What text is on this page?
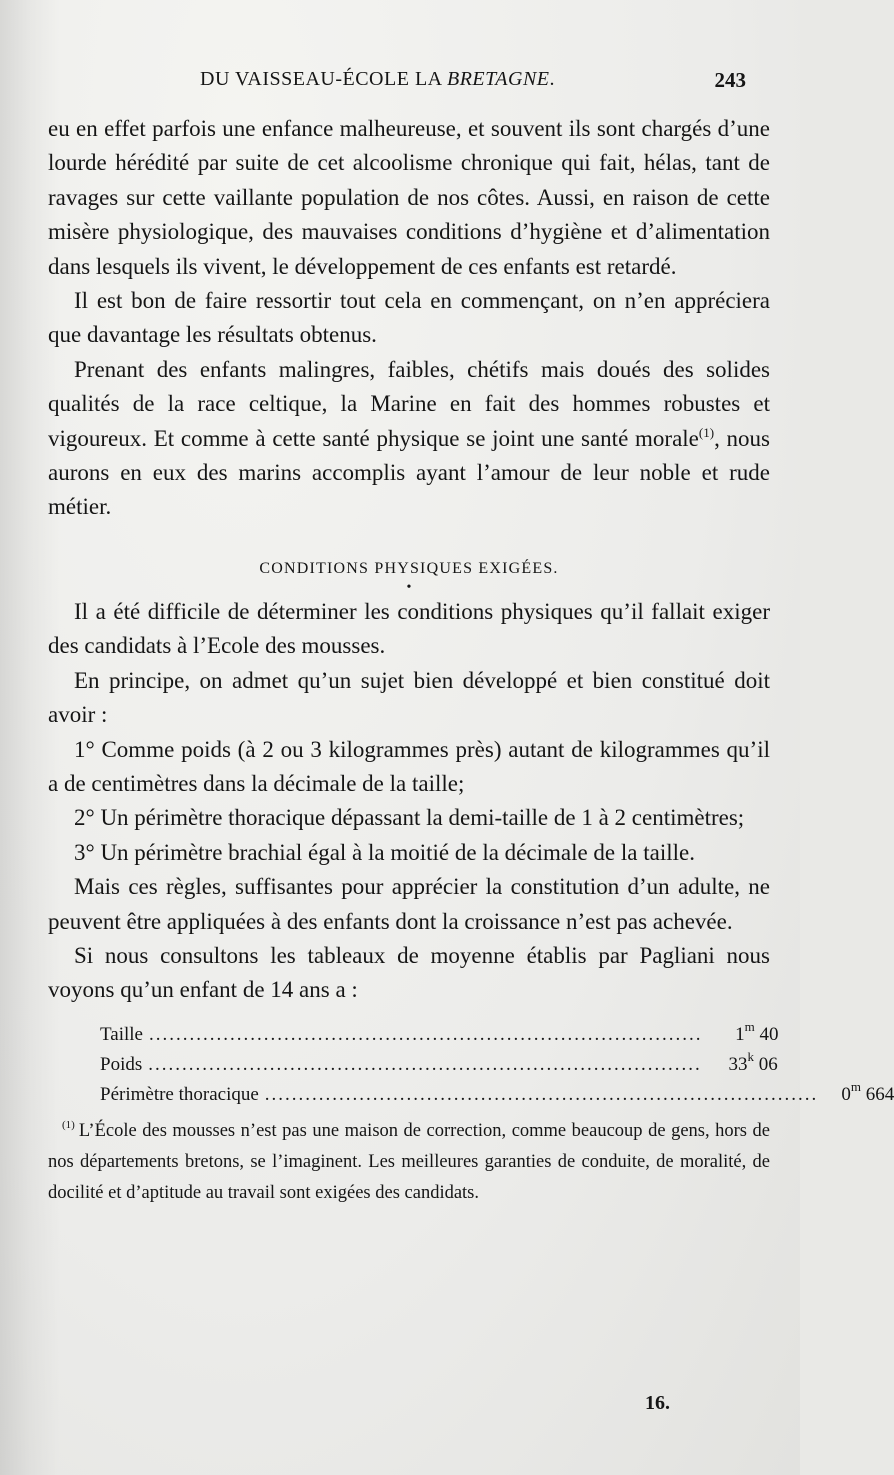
DU VAISSEAU-ÉCOLE LA BRETAGNE.	243

eu en effet parfois une enfance malheureuse, et souvent ils sont chargés d’une lourde hérédité par suite de cet alcoolisme chronique qui fait, hélas, tant de ravages sur cette vaillante population de nos côtes. Aussi, en raison de cette misère physiologique, des mauvaises conditions d’hygiène et d’alimentation dans lesquels ils vivent, le développement de ces enfants est retardé.

Il est bon de faire ressortir tout cela en commençant, on n’en appréciera que davantage les résultats obtenus.

Prenant des enfants malingres, faibles, chétifs mais doués des solides qualités de la race celtique, la Marine en fait des hommes robustes et vigoureux. Et comme à cette santé physique se joint une santé morale$^{(1)}$, nous aurons en eux des marins accomplis ayant l’amour de leur noble et rude métier.

CONDITIONS PHYSIQUES EXIGÉES.
•

Il a été difficile de déterminer les conditions physiques qu’il fallait exiger des candidats à l’Ecole des mousses.

En principe, on admet qu’un sujet bien développé et bien constitué doit avoir :

1° Comme poids (à 2 ou 3 kilogrammes près) autant de kilogrammes qu’il a de centimètres dans la décimale de la taille;

2° Un périmètre thoracique dépassant la demi-taille de 1 à 2 centimètres;

3° Un périmètre brachial égal à la moitié de la décimale de la taille.

Mais ces règles, suffisantes pour apprécier la constitution d’un adulte, ne peuvent être appliquées à des enfants dont la croissance n’est pas achevée.

Si nous consultons les tableaux de moyenne établis par Pagliani nous voyons qu’un enfant de 14 ans a :

Taille ..................................................................................	1$^m$ 40
Poids ..................................................................................	33$^k$ 06
Périmètre thoracique ..................................................................................	0$^m$ 664

$^{(1)}$ L’École des mousses n’est pas une maison de correction, comme beaucoup de gens, hors de nos départements bretons, se l’imaginent. Les meilleures garanties de conduite, de moralité, de docilité et d’aptitude au travail sont exigées des candidats.

16.
